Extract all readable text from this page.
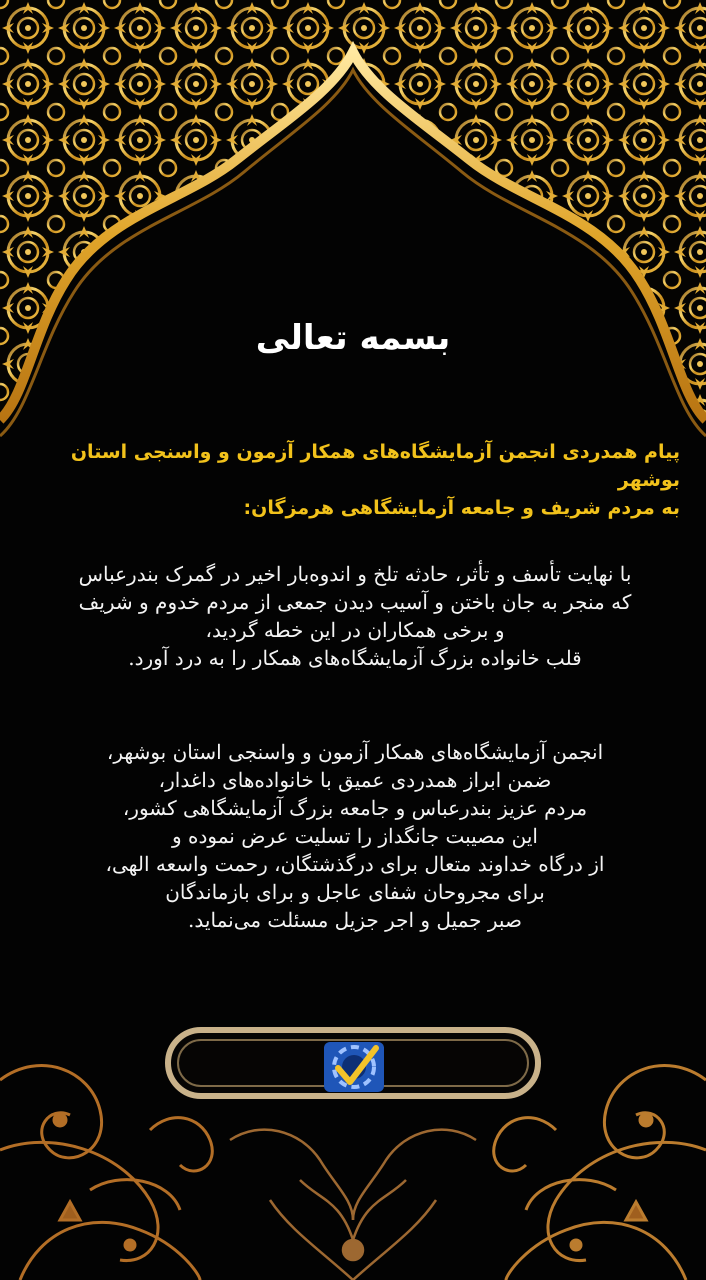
بسمه تعالی
پیام همدردی انجمن آزمایشگاه‌های همکار آزمون و واسنجی استان بوشهر
به مردم شریف و جامعه آزمایشگاهی هرمزگان:
با نهایت تأسف و تأثر، حادثه تلخ و اندوه‌بار اخیر در گمرک بندرعباس
که منجر به جان باختن و آسیب دیدن جمعی از مردم خدوم و شریف
و برخی همکاران در این خطه گردید،
قلب خانواده بزرگ آزمایشگاه‌های همکار را به درد آورد.
انجمن آزمایشگاه‌های همکار آزمون و واسنجی استان بوشهر،
ضمن ابراز همدردی عمیق با خانواده‌های داغدار،
مردم عزیز بندرعباس و جامعه بزرگ آزمایشگاهی کشور،
این مصیبت جانگداز را تسلیت عرض نموده و
از درگاه خداوند متعال برای درگذشتگان، رحمت واسعه الهی،
برای مجروحان شفای عاجل و برای بازماندگان
صبر جمیل و اجر جزیل مسئلت می‌نماید.
